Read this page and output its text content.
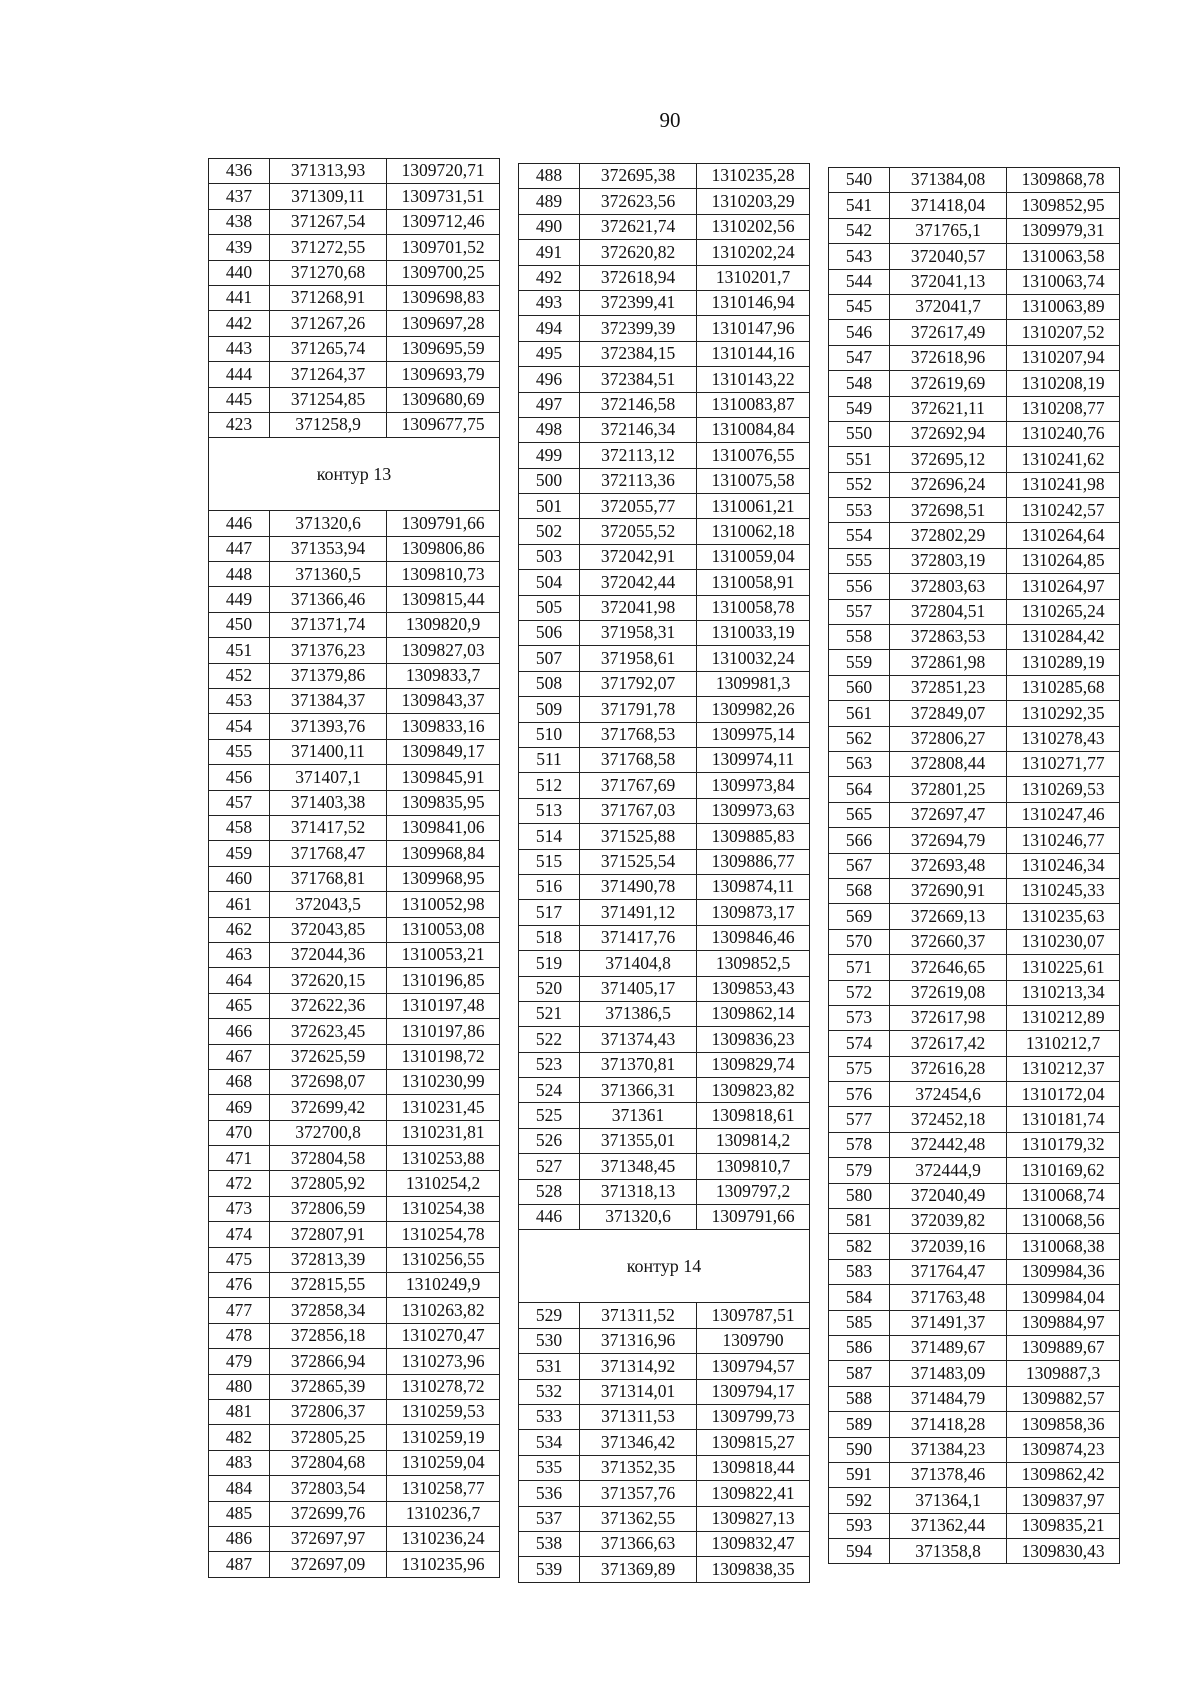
90
436	371313,93	1309720,71
437	371309,11	1309731,51
438	371267,54	1309712,46
439	371272,55	1309701,52
440	371270,68	1309700,25
441	371268,91	1309698,83
442	371267,26	1309697,28
443	371265,74	1309695,59
444	371264,37	1309693,79
445	371254,85	1309680,69
423	371258,9	1309677,75
контур 13		
446	371320,6	1309791,66
447	371353,94	1309806,86
448	371360,5	1309810,73
449	371366,46	1309815,44
450	371371,74	1309820,9
451	371376,23	1309827,03
452	371379,86	1309833,7
453	371384,37	1309843,37
454	371393,76	1309833,16
455	371400,11	1309849,17
456	371407,1	1309845,91
457	371403,38	1309835,95
458	371417,52	1309841,06
459	371768,47	1309968,84
460	371768,81	1309968,95
461	372043,5	1310052,98
462	372043,85	1310053,08
463	372044,36	1310053,21
464	372620,15	1310196,85
465	372622,36	1310197,48
466	372623,45	1310197,86
467	372625,59	1310198,72
468	372698,07	1310230,99
469	372699,42	1310231,45
470	372700,8	1310231,81
471	372804,58	1310253,88
472	372805,92	1310254,2
473	372806,59	1310254,38
474	372807,91	1310254,78
475	372813,39	1310256,55
476	372815,55	1310249,9
477	372858,34	1310263,82
478	372856,18	1310270,47
479	372866,94	1310273,96
480	372865,39	1310278,72
481	372806,37	1310259,53
482	372805,25	1310259,19
483	372804,68	1310259,04
484	372803,54	1310258,77
485	372699,76	1310236,7
486	372697,97	1310236,24
487	372697,09	1310235,96
488	372695,38	1310235,28
489	372623,56	1310203,29
490	372621,74	1310202,56
491	372620,82	1310202,24
492	372618,94	1310201,7
493	372399,41	1310146,94
494	372399,39	1310147,96
495	372384,15	1310144,16
496	372384,51	1310143,22
497	372146,58	1310083,87
498	372146,34	1310084,84
499	372113,12	1310076,55
500	372113,36	1310075,58
501	372055,77	1310061,21
502	372055,52	1310062,18
503	372042,91	1310059,04
504	372042,44	1310058,91
505	372041,98	1310058,78
506	371958,31	1310033,19
507	371958,61	1310032,24
508	371792,07	1309981,3
509	371791,78	1309982,26
510	371768,53	1309975,14
511	371768,58	1309974,11
512	371767,69	1309973,84
513	371767,03	1309973,63
514	371525,88	1309885,83
515	371525,54	1309886,77
516	371490,78	1309874,11
517	371491,12	1309873,17
518	371417,76	1309846,46
519	371404,8	1309852,5
520	371405,17	1309853,43
521	371386,5	1309862,14
522	371374,43	1309836,23
523	371370,81	1309829,74
524	371366,31	1309823,82
525	371361	1309818,61
526	371355,01	1309814,2
527	371348,45	1309810,7
528	371318,13	1309797,2
446	371320,6	1309791,66
контур 14		
529	371311,52	1309787,51
530	371316,96	1309790
531	371314,92	1309794,57
532	371314,01	1309794,17
533	371311,53	1309799,73
534	371346,42	1309815,27
535	371352,35	1309818,44
536	371357,76	1309822,41
537	371362,55	1309827,13
538	371366,63	1309832,47
539	371369,89	1309838,35
540	371384,08	1309868,78
541	371418,04	1309852,95
542	371765,1	1309979,31
543	372040,57	1310063,58
544	372041,13	1310063,74
545	372041,7	1310063,89
546	372617,49	1310207,52
547	372618,96	1310207,94
548	372619,69	1310208,19
549	372621,11	1310208,77
550	372692,94	1310240,76
551	372695,12	1310241,62
552	372696,24	1310241,98
553	372698,51	1310242,57
554	372802,29	1310264,64
555	372803,19	1310264,85
556	372803,63	1310264,97
557	372804,51	1310265,24
558	372863,53	1310284,42
559	372861,98	1310289,19
560	372851,23	1310285,68
561	372849,07	1310292,35
562	372806,27	1310278,43
563	372808,44	1310271,77
564	372801,25	1310269,53
565	372697,47	1310247,46
566	372694,79	1310246,77
567	372693,48	1310246,34
568	372690,91	1310245,33
569	372669,13	1310235,63
570	372660,37	1310230,07
571	372646,65	1310225,61
572	372619,08	1310213,34
573	372617,98	1310212,89
574	372617,42	1310212,7
575	372616,28	1310212,37
576	372454,6	1310172,04
577	372452,18	1310181,74
578	372442,48	1310179,32
579	372444,9	1310169,62
580	372040,49	1310068,74
581	372039,82	1310068,56
582	372039,16	1310068,38
583	371764,47	1309984,36
584	371763,48	1309984,04
585	371491,37	1309884,97
586	371489,67	1309889,67
587	371483,09	1309887,3
588	371484,79	1309882,57
589	371418,28	1309858,36
590	371384,23	1309874,23
591	371378,46	1309862,42
592	371364,1	1309837,97
593	371362,44	1309835,21
594	371358,8	1309830,43
